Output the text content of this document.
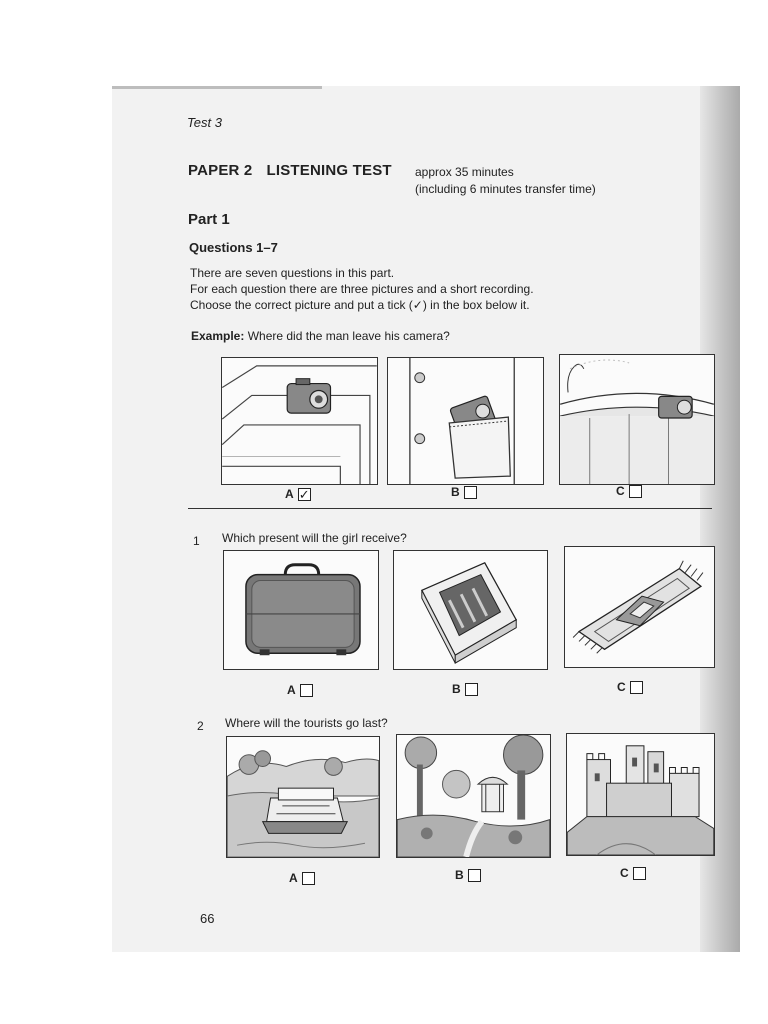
Test 3
PAPER 2 LISTENING TEST approx 35 minutes
(including 6 minutes transfer time)
Part 1
Questions 1–7
There are seven questions in this part.
For each question there are three pictures and a short recording.
Choose the correct picture and put a tick (✓) in the box below it.
Example: Where did the man leave his camera?
A ✓	B	C
1 Which present will the girl receive?
A	B	C
2 Where will the tourists go last?
A	B	C
66
